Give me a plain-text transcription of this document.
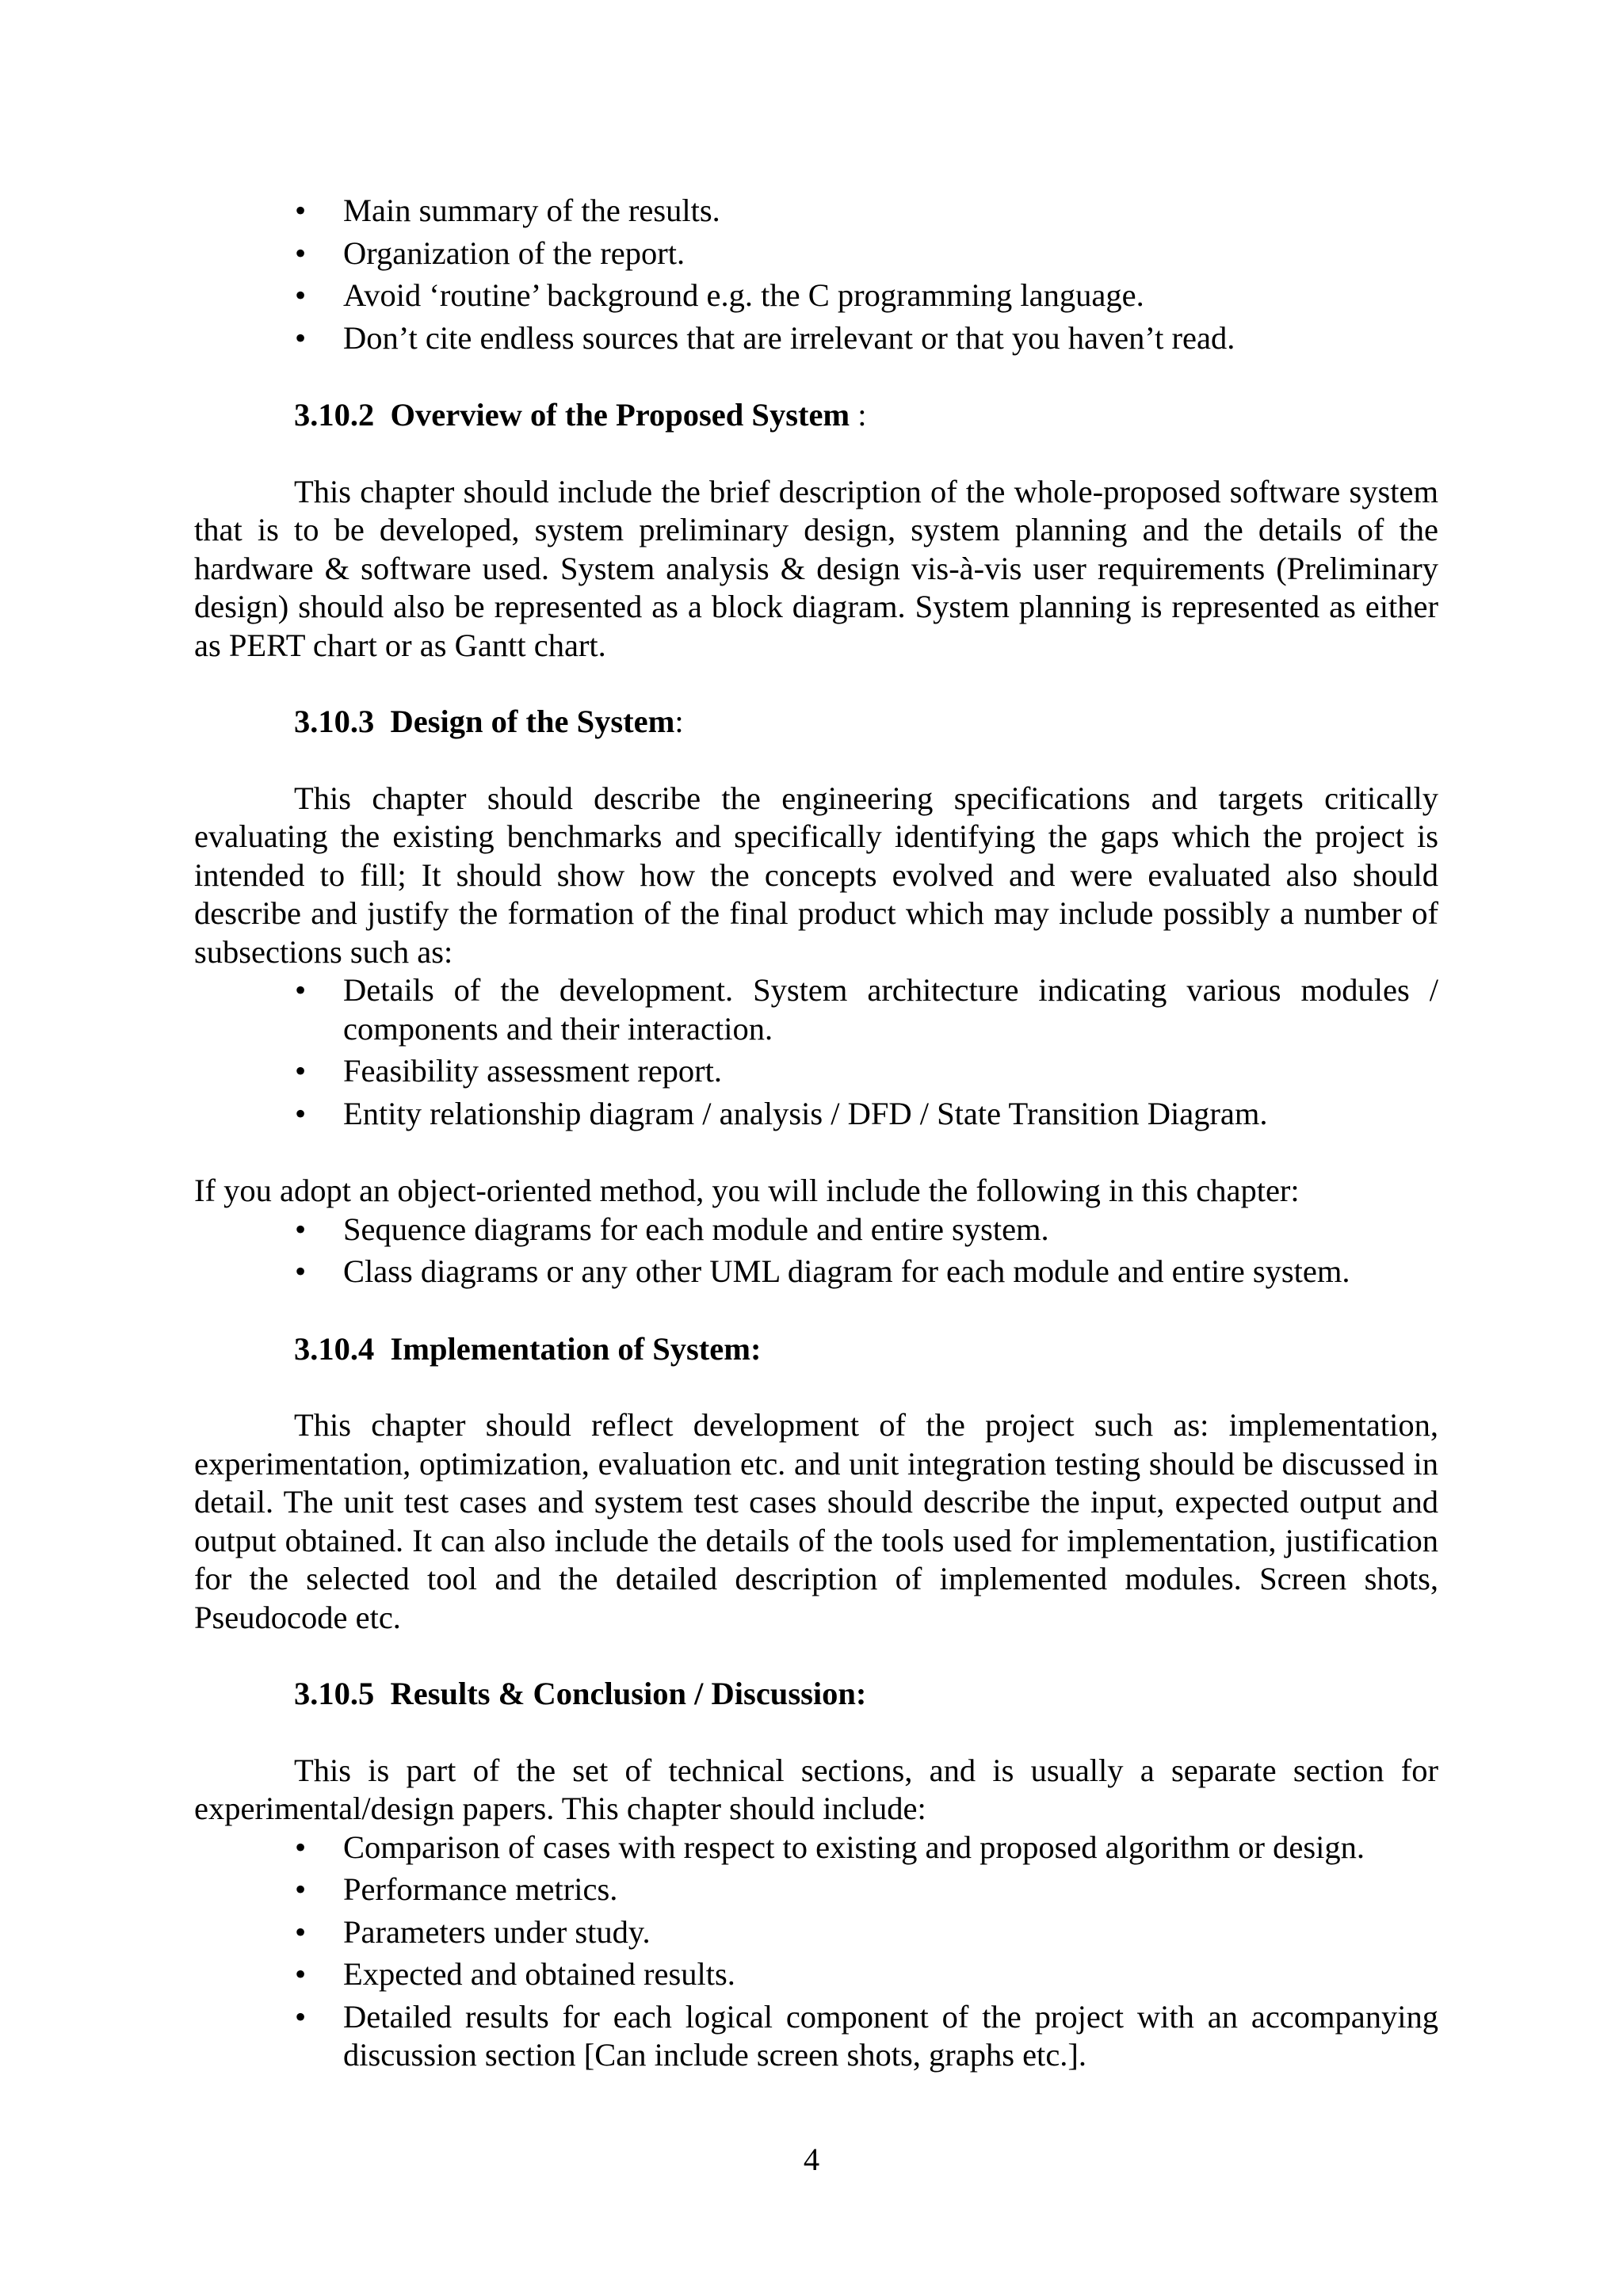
• Main summary of the results.
• Organization of the report.
• Avoid ‘routine’ background e.g. the C programming language.
• Don’t cite endless sources that are irrelevant or that you haven’t read.

3.10.2 Overview of the Proposed System :

This chapter should include the brief description of the whole-proposed software system that is to be developed, system preliminary design, system planning and the details of the hardware & software used. System analysis & design vis-à-vis user requirements (Preliminary design) should also be represented as a block diagram. System planning is represented as either as PERT chart or as Gantt chart.

3.10.3 Design of the System:

This chapter should describe the engineering specifications and targets critically evaluating the existing benchmarks and specifically identifying the gaps which the project is intended to fill; It should show how the concepts evolved and were evaluated also should describe and justify the formation of the final product which may include possibly a number of subsections such as:

• Details of the development. System architecture indicating various modules / components and their interaction.
• Feasibility assessment report.
• Entity relationship diagram / analysis / DFD / State Transition Diagram.

If you adopt an object-oriented method, you will include the following in this chapter:

• Sequence diagrams for each module and entire system.
• Class diagrams or any other UML diagram for each module and entire system.

3.10.4 Implementation of System:

This chapter should reflect development of the project such as: implementation, experimentation, optimization, evaluation etc. and unit integration testing should be discussed in detail. The unit test cases and system test cases should describe the input, expected output and output obtained. It can also include the details of the tools used for implementation, justification for the selected tool and the detailed description of implemented modules. Screen shots, Pseudocode etc.

3.10.5 Results & Conclusion / Discussion:

This is part of the set of technical sections, and is usually a separate section for experimental/design papers. This chapter should include:

• Comparison of cases with respect to existing and proposed algorithm or design.
• Performance metrics.
• Parameters under study.
• Expected and obtained results.
• Detailed results for each logical component of the project with an accompanying discussion section [Can include screen shots, graphs etc.].
4
